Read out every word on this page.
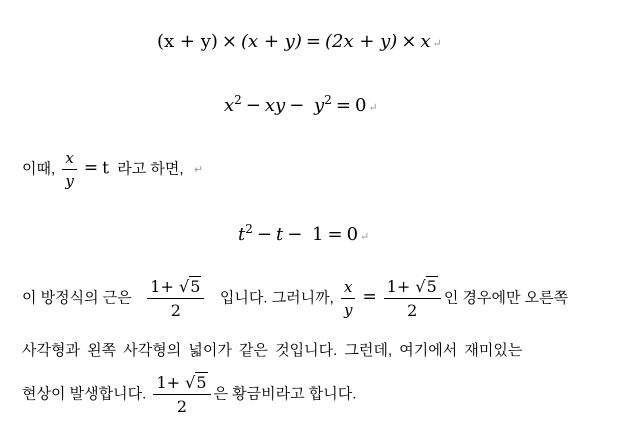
(x + y) × (x + y) = (2x + y) × x ↵
$x^2$ − xy − $y^2 = 0$ ↵
이때, $\frac{x}{y} = t$ 라고 하면, ↵
$t^2 - t - 1 = 0$ ↵
이 방정식의 근은 $\frac{1+ √5}{2}$ 입니다. 그러니까, $\frac{x}{y} = \frac{1+ √5}{2}$ 인 경우에만 오른쪽
사각형과 왼쪽 사각형의 넓이가 같은 것입니다. 그런데, 여기에서 재미있는
현상이 발생합니다. $\frac{1+ √5}{2}$ 은 황금비라고 합니다.
